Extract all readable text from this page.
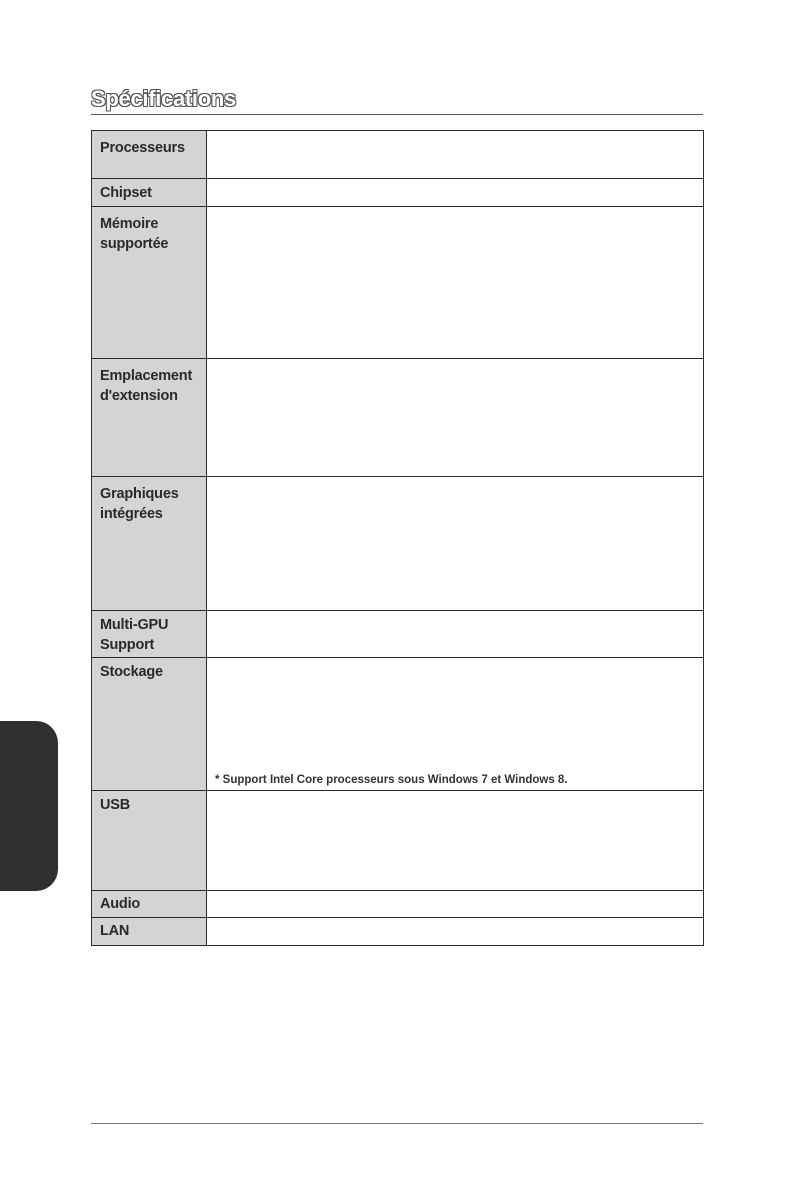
Spécifications
Processeurs	
Chipset	
Mémoire supportée	
Emplacement d'extension	
Graphiques intégrées	
Multi-GPU Support	
Stockage	* Support Intel Core processeurs sous Windows 7 et Windows 8.

USB	
Audio	
LAN	
